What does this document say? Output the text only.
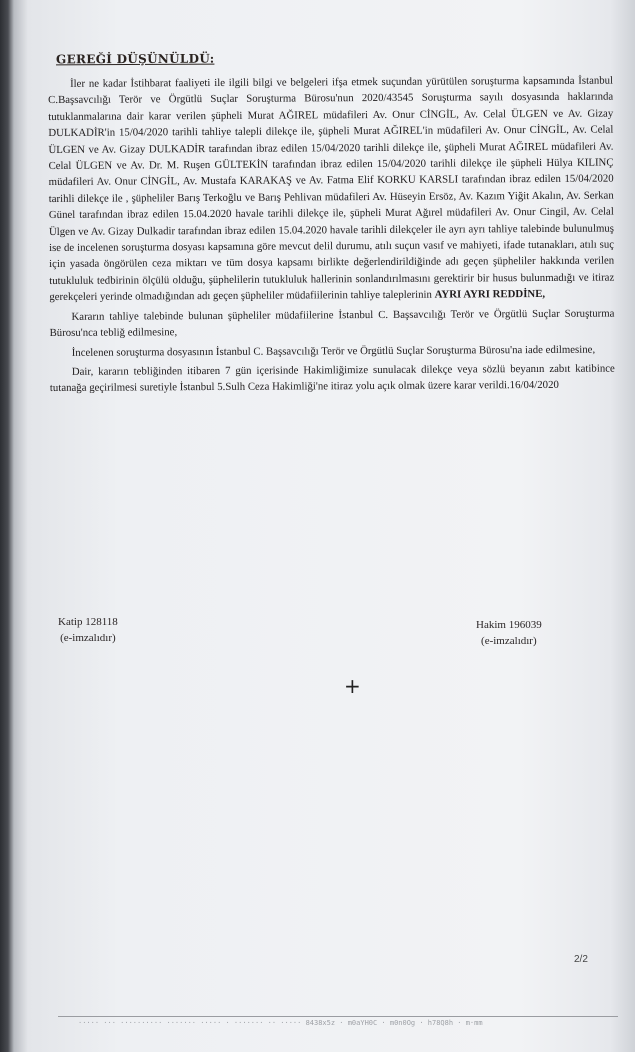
GEREĞİ DÜŞÜNÜLDÜ:

İler ne kadar İstihbarat faaliyeti ile ilgili bilgi ve belgeleri ifşa etmek suçundan yürütülen soruşturma kapsamında İstanbul C.Başsavcılığı Terör ve Örgütlü Suçlar Soruşturma Bürosu'nun 2020/43545 Soruşturma sayılı dosyasında haklarında tutuklanmalarına dair karar verilen şüpheli Murat AĞIREL müdafileri Av. Onur CİNGİL, Av. Celal ÜLGEN ve Av. Gizay DULKADİR'in 15/04/2020 tarihli tahliye talepli dilekçe ile, şüpheli Murat AĞIREL'in müdafileri Av. Onur CİNGİL, Av. Celal ÜLGEN ve Av. Gizay DULKADİR tarafından ibraz edilen 15/04/2020 tarihli dilekçe ile, şüpheli Murat AĞIREL müdafileri Av. Celal ÜLGEN ve Av. Dr. M. Ruşen GÜLTEKİN tarafından ibraz edilen 15/04/2020 tarihli dilekçe ile şüpheli Hülya KILINÇ müdafileri Av. Onur CİNGİL, Av. Mustafa KARAKAŞ ve Av. Fatma Elif KORKU KARSLI tarafından ibraz edilen 15/04/2020 tarihli dilekçe ile , şüpheliler Barış Terkoğlu ve Barış Pehlivan müdafileri Av. Hüseyin Ersöz, Av. Kazım Yiğit Akalın, Av. Serkan Günel tarafından ibraz edilen 15.04.2020 havale tarihli dilekçe ile, şüpheli Murat Ağırel müdafileri Av. Onur Cingil, Av. Celal Ülgen ve Av. Gizay Dulkadir tarafından ibraz edilen 15.04.2020 havale tarihli dilekçeler ile ayrı ayrı tahliye talebinde bulunulmuş ise de incelenen soruşturma dosyası kapsamına göre mevcut delil durumu, atılı suçun vasıf ve mahiyeti, ifade tutanakları, atılı suç için yasada öngörülen ceza miktarı ve tüm dosya kapsamı birlikte değerlendirildiğinde adı geçen şüpheliler hakkında verilen tutukluluk tedbirinin ölçülü olduğu, şüphelilerin tutukluluk hallerinin sonlandırılmasını gerektirir bir husus bulunmadığı ve itiraz gerekçeleri yerinde olmadığından adı geçen şüpheliler müdafiilerinin tahliye taleplerinin AYRI AYRI REDDİNE,

Kararın tahliye talebinde bulunan şüpheliler müdafiilerine İstanbul C. Başsavcılığı Terör ve Örgütlü Suçlar Soruşturma Bürosu'nca tebliğ edilmesine,

İncelenen soruşturma dosyasının İstanbul C. Başsavcılığı Terör ve Örgütlü Suçlar Soruşturma Bürosu'na iade edilmesine,

Dair, kararın tebliğinden itibaren 7 gün içerisinde Hakimliğimize sunulacak dilekçe veya sözlü beyanın zabıt katibince tutanağa geçirilmesi suretiyle İstanbul 5.Sulh Ceza Hakimliği'ne itiraz yolu açık olmak üzere karar verildi.16/04/2020

Katip 128118
(e-imzalıdır)
Hakim 196039
(e-imzalıdır)
2/2
····· ··· ·········· ······· ····· · ······· ·· ····· 8438x5z · m0aYH0C · m0n0Og · h78Q8h · m·mm
+
